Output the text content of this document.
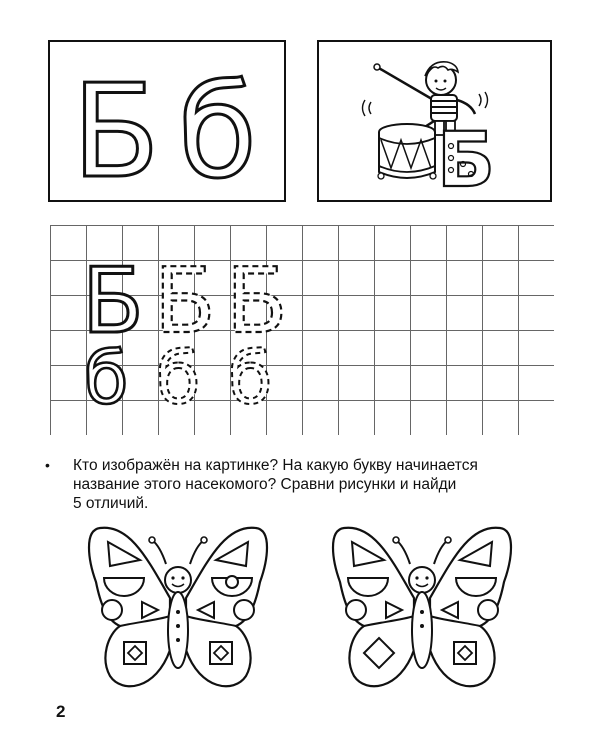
Б б Б
Б Б Б
б б б
• Кто изображён на картинке? На какую букву начинается
название этого насекомого? Сравни рисунки и найди
5 отличий.
2
